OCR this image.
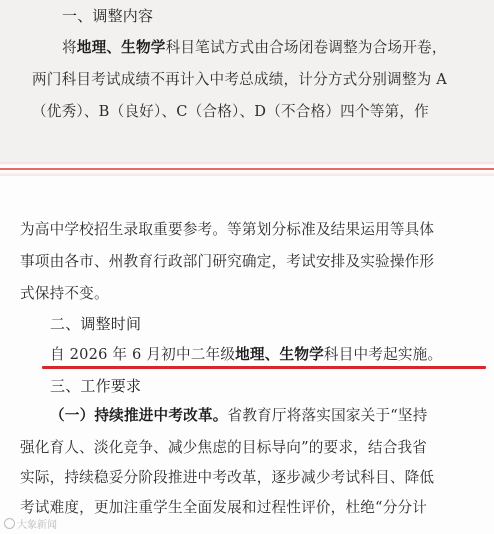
一、调整内容
将地理、生物学科目笔试方式由合场闭卷调整为合场开卷，
两门科目考试成绩不再计入中考总成绩，计分方式分别调整为 A
（优秀）、B（良好）、C（合格）、D（不合格）四个等第，作
为高中学校招生录取重要参考。等第划分标准及结果运用等具体
事项由各市、州教育行政部门研究确定，考试安排及实验操作形
式保持不变。
二、调整时间
自 2026 年 6 月初中二年级地理、生物学科目中考起实施。
三、工作要求
（一）持续推进中考改革。省教育厅将落实国家关于“坚持
强化育人、淡化竞争、减少焦虑的目标导向”的要求，结合我省
实际，持续稳妥分阶段推进中考改革，逐步减少考试科目、降低
考试难度，更加注重学生全面发展和过程性评价，杜绝“分分计
大象新闻
